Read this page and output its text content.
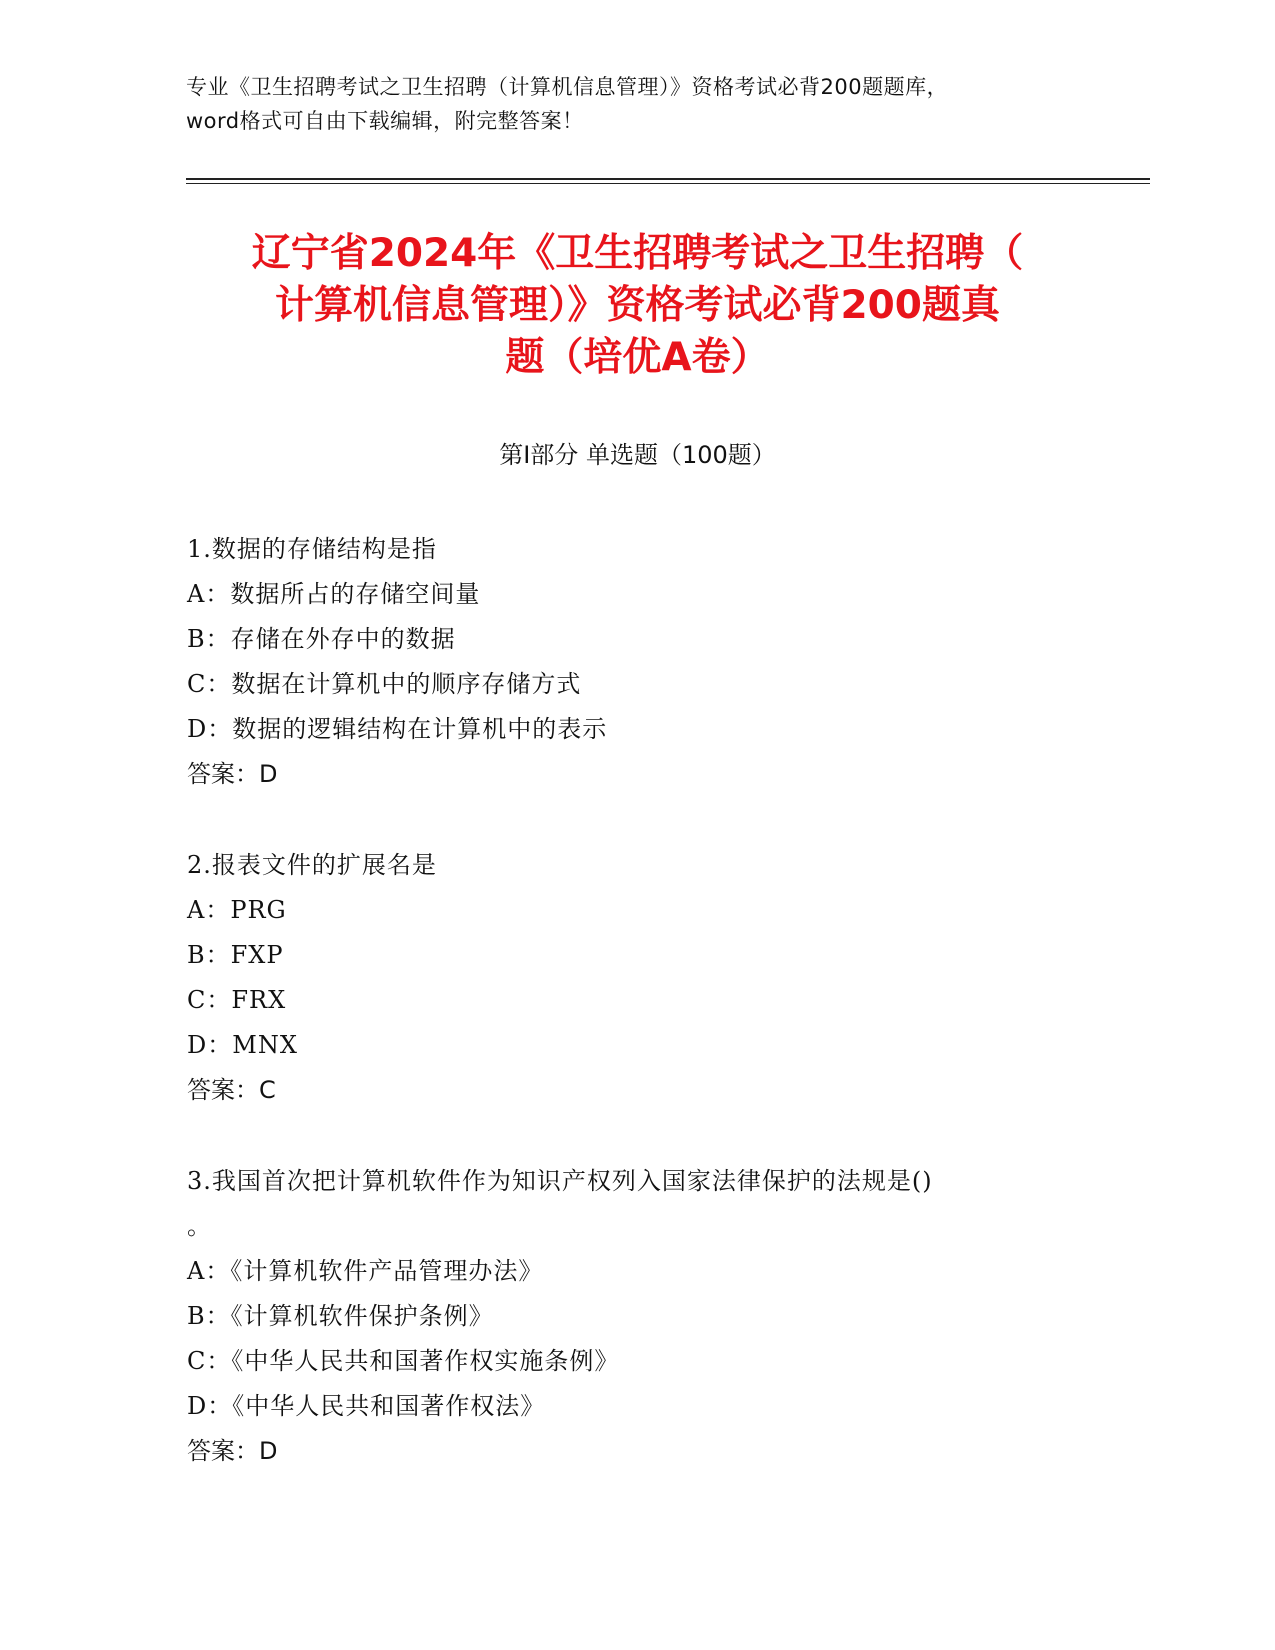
专业《卫生招聘考试之卫生招聘（计算机信息管理）》资格考试必背200题题库，
word格式可自由下载编辑，附完整答案！
辽宁省2024年《卫生招聘考试之卫生招聘（
计算机信息管理）》资格考试必背200题真
题（培优A卷）
第Ⅰ部分 单选题（100题）
1.数据的存储结构是指
A：数据所占的存储空间量
B：存储在外存中的数据
C：数据在计算机中的顺序存储方式
D：数据的逻辑结构在计算机中的表示
答案：D
2.报表文件的扩展名是
A：PRG
B：FXP
C：FRX
D：MNX
答案：C
3.我国首次把计算机软件作为知识产权列入国家法律保护的法规是()
。
A：《计算机软件产品管理办法》
B：《计算机软件保护条例》
C：《中华人民共和国著作权实施条例》
D：《中华人民共和国著作权法》
答案：D
